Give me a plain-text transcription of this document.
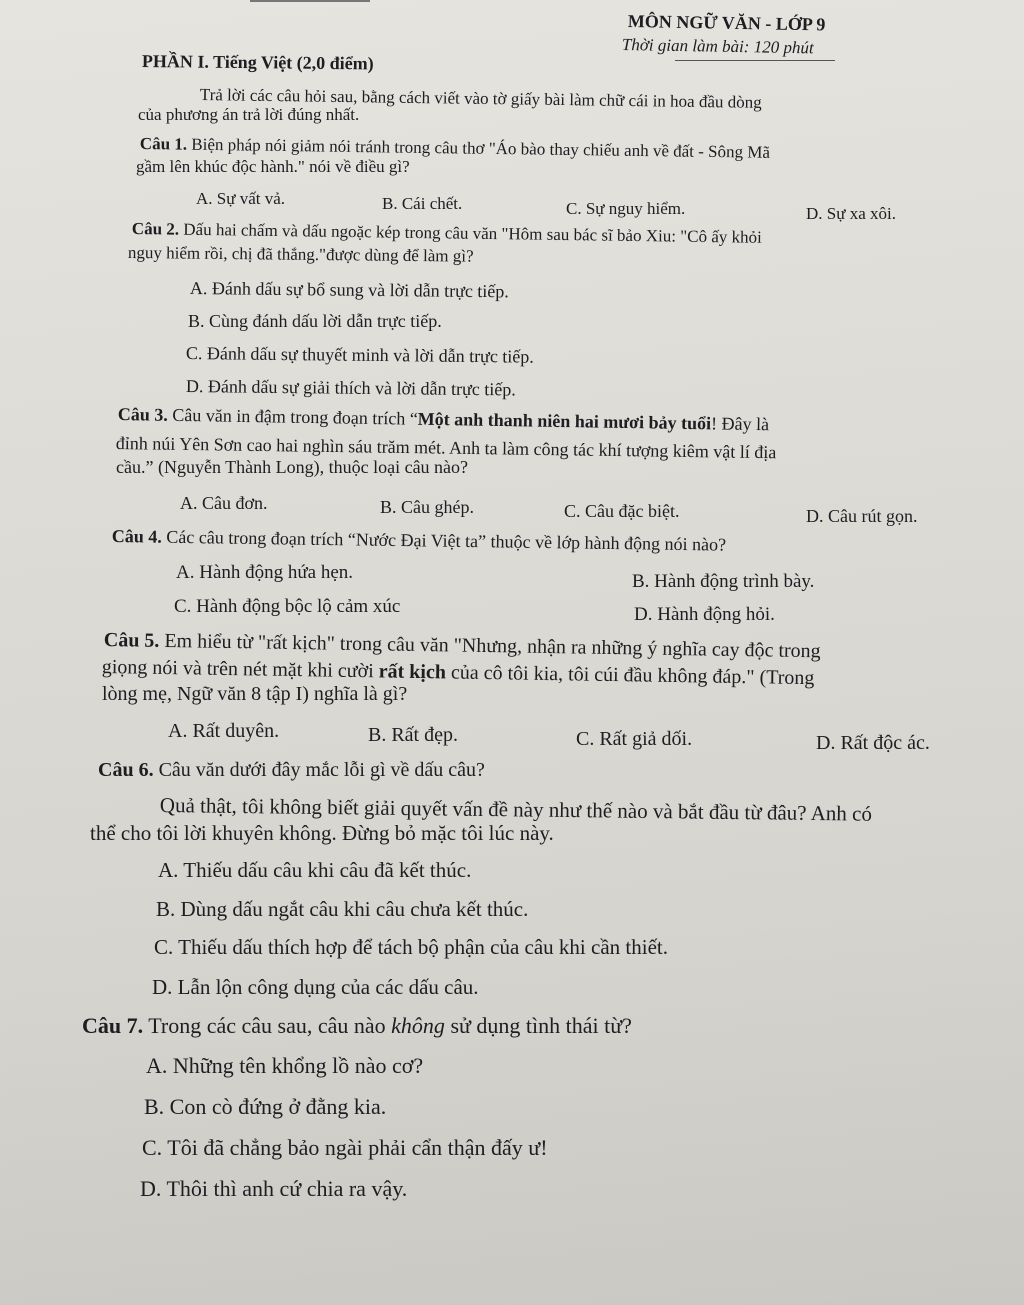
MÔN NGỮ VĂN - LỚP 9
Thời gian làm bài: 120 phút
PHẦN I. Tiếng Việt (2,0 điểm)
Trả lời các câu hỏi sau, bằng cách viết vào tờ giấy bài làm chữ cái in hoa đầu dòng
của phương án trả lời đúng nhất.
Câu 1. Biện pháp nói giảm nói tránh trong câu thơ "Áo bào thay chiếu anh về đất - Sông Mã
gầm lên khúc độc hành." nói về điều gì?
A. Sự vất vả.	B. Cái chết.	C. Sự nguy hiểm.	D. Sự xa xôi.
Câu 2. Dấu hai chấm và dấu ngoặc kép trong câu văn "Hôm sau bác sĩ bảo Xiu: "Cô ấy khỏi
nguy hiểm rồi, chị đã thắng."được dùng để làm gì?
A. Đánh dấu sự bổ sung và lời dẫn trực tiếp.
B. Cùng đánh dấu lời dẫn trực tiếp.
C. Đánh dấu sự thuyết minh và lời dẫn trực tiếp.
D. Đánh dấu sự giải thích và lời dẫn trực tiếp.
Câu 3. Câu văn in đậm trong đoạn trích “Một anh thanh niên hai mươi bảy tuổi! Đây là
đỉnh núi Yên Sơn cao hai nghìn sáu trăm mét. Anh ta làm công tác khí tượng kiêm vật lí địa
cầu.” (Nguyễn Thành Long), thuộc loại câu nào?
A. Câu đơn.	B. Câu ghép.	C. Câu đặc biệt.	D. Câu rút gọn.
Câu 4. Các câu trong đoạn trích “Nước Đại Việt ta” thuộc về lớp hành động nói nào?
A. Hành động hứa hẹn.	B. Hành động trình bày.
C. Hành động bộc lộ cảm xúc	D. Hành động hỏi.
Câu 5. Em hiểu từ "rất kịch" trong câu văn "Nhưng, nhận ra những ý nghĩa cay độc trong
giọng nói và trên nét mặt khi cười rất kịch của cô tôi kia, tôi cúi đầu không đáp." (Trong
lòng mẹ, Ngữ văn 8 tập I) nghĩa là gì?
A. Rất duyên.	B. Rất đẹp.	C. Rất giả dối.	D. Rất độc ác.
Câu 6. Câu văn dưới đây mắc lỗi gì về dấu câu?
Quả thật, tôi không biết giải quyết vấn đề này như thế nào và bắt đầu từ đâu? Anh có
thể cho tôi lời khuyên không. Đừng bỏ mặc tôi lúc này.
A. Thiếu dấu câu khi câu đã kết thúc.
B. Dùng dấu ngắt câu khi câu chưa kết thúc.
C. Thiếu dấu thích hợp để tách bộ phận của câu khi cần thiết.
D. Lẫn lộn công dụng của các dấu câu.
Câu 7. Trong các câu sau, câu nào không sử dụng tình thái từ?
A. Những tên khổng lồ nào cơ?
B. Con cò đứng ở đằng kia.
C. Tôi đã chẳng bảo ngài phải cẩn thận đấy ư!
D. Thôi thì anh cứ chia ra vậy.
